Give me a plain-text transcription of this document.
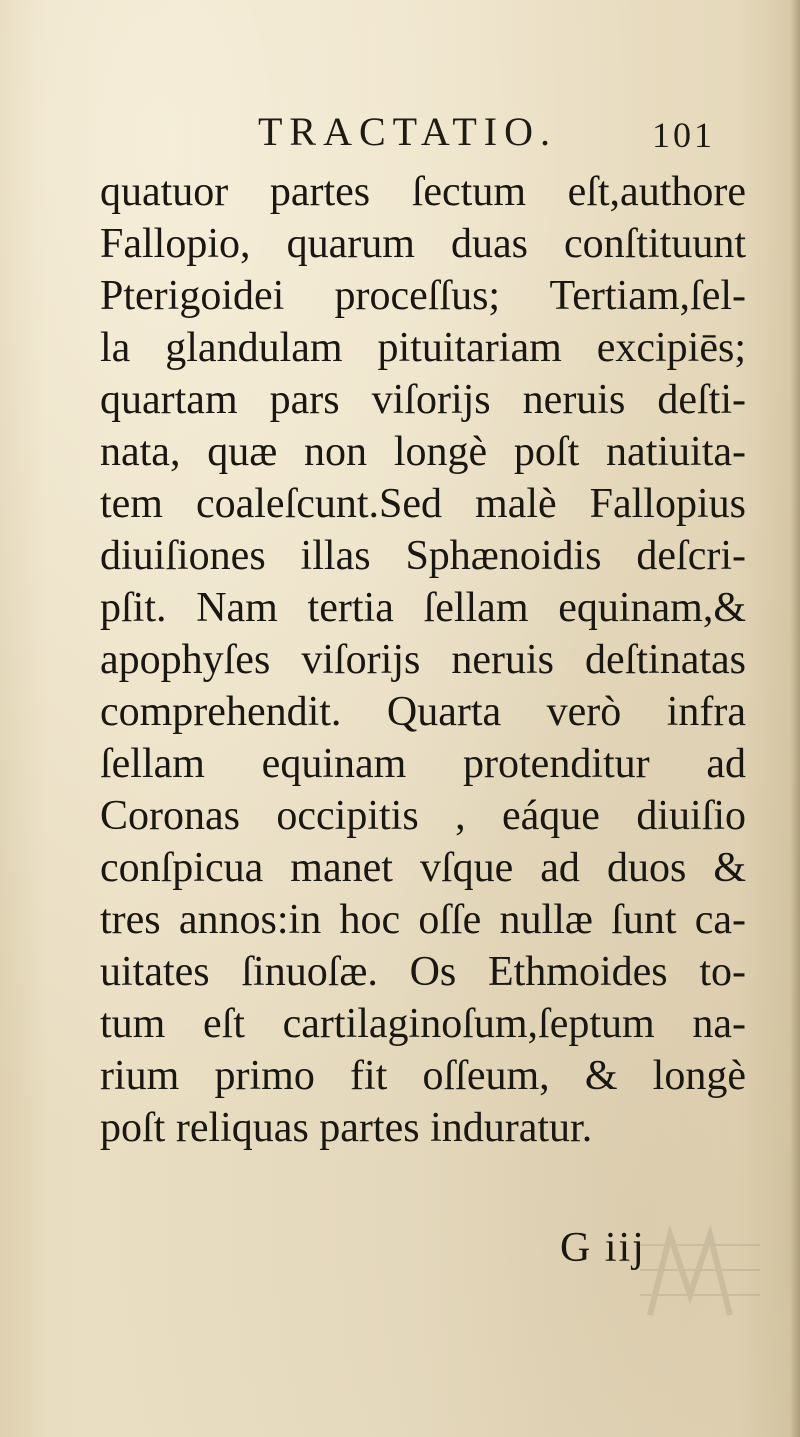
TRACTATIO.	101
quatuor partes ſectum eſt,authore
Fallopio, quarum duas conſtituunt
Pterigoidei proceſſus; Tertiam,ſel-
la glandulam pituitariam excipiēs;
quartam pars viſorijs neruis deſti-
nata, quæ non longè poſt natiuita-
tem coaleſcunt.Sed malè Fallopius
diuiſiones illas Sphænoidis deſcri-
pſit. Nam tertia ſellam equinam,&
apophyſes viſorijs neruis deſtinatas
comprehendit. Quarta verò infra
ſellam equinam protenditur ad
Coronas occipitis , eáque diuiſio
conſpicua manet vſque ad duos &
tres annos:in hoc oſſe nullæ ſunt ca-
uitates ſinuoſæ. Os Ethmoides to-
tum eſt cartilaginoſum,ſeptum na-
rium primo fit oſſeum, & longè
poſt reliquas partes induratur.
G iij
